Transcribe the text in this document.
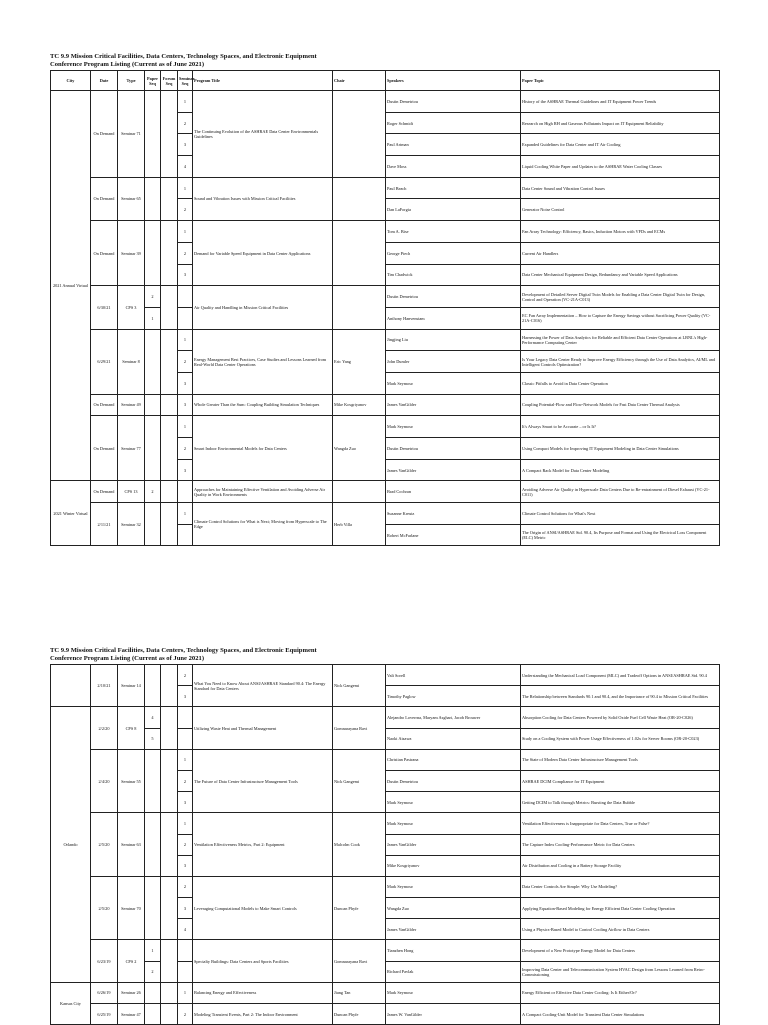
TC 9.9 Mission Critical Facilities, Data Centers, Technology Spaces, and Electronic Equipment
Conference Program Listing (Current as of June 2021)
City	Date	Type	Paper Seq	Forum Seq	Seminar Seq	Program Title	Chair	Speakers	Paper Topic
2021 Annual Virtual	On Demand	Seminar 71			1	The Continuing Evolution of the ASHRAE Data Center Environmentals Guidelines		Dustin Demetriou	History of the ASHRAE Thermal Guidelines and IT Equipment Power Trends
					2			Roger Schmidt	Research on High RH and Gaseous Pollutants Impact on IT Equipment Reliability
					3			Paul Artman	Expanded Guidelines for Data Center and IT Air Cooling
					4			Dave Moss	Liquid Cooling White Paper and Updates to the ASHRAE Water Cooling Classes
	On Demand	Seminar 65			1	Sound and Vibration Issues with Mission Critical Facilities		Paul Beach	Data Center Sound and Vibration Control Issues
					2			Dan LaForgia	Generator Noise Control
	On Demand	Seminar 39			1	Demand for Variable Speed Equipment in Data Center Applications		Tom A. Bise	Fan Array Technology: Efficiency, Basics, Induction Motors with VFDs and ECMs
					2			George Piech	Current Air Handlers
					3			Tim Chadwick	Data Center Mechanical Equipment Design, Redundancy and Variable Speed Applications
	6/30/21	CPS 3	2			Air Quality and Handling in Mission Critical Facilities		Dustin Demetriou	Development of Detailed Server Digital Twin Models for Enabling a Data Center Digital Twin for Design, Control and Operation (VC-21A-C013)
			1					Anthony Hanvenstam	EC Fan Array Implementation – How to Capture the Energy Savings without Sacrificing Power Quality (VC-21A-C016)
	6/29/21	Seminar 8			1	Energy Management Best Practices, Case Studies and Lessons Learned from Real-World Data Center Operations	Eric Yang	Jingjing Liu	Harnessing the Power of Data Analytics for Reliable and Efficient Data Center Operations at LBNL's High- Performance Computing Center
					2			John Dumler	Is Your Legacy Data Center Ready to Improve Energy Efficiency through the Use of Data Analytics, AI/ML and Intelligent Controls Optimization?
					3			Mark Seymour	Classic Pitfalls to Avoid in Data Center Operation
	On Demand	Seminar 49			3	Whole Greater Than the Sum: Coupling Building Simulation Techniques	Mike Kosgriyanov	James VanGilder	Coupling Potential-Flow and Flow-Network Models for Fast Data Center Thermal Analysis
	On Demand	Seminar 77			1	Smart Indoor Environmental Models for Data Centers	Wangda Zuo	Mark Seymour	It's Always Smart to be Accurate – or Is It?
					2			Dustin Demetriou	Using Compact Models for Improving IT Equipment Modeling in Data Center Simulations
					3			James VanGilder	A Compact Rack Model for Data Center Modeling
2021 Winter Virtual	On Demand	CPS 13	2			Approaches for Maintaining Effective Ventilation and Avoiding Adverse Air Quality in Work Environments		Brad Cochran	Avoiding Adverse Air Quality in Hyperscale Data Centers Due to Re-entrainment of Diesel Exhaust (VC-21-C011)
	2/11/21	Seminar 32			1	Climate Control Solutions for What is Next; Moving from Hyperscale to The Edge	Herb Villa	Suzanne Kreutz	Climate Control Solutions for What's Next
								Robert McFarlane	The Origin of ANSI/ASHRAE Std. 90.4, Its Purpose and Format and Using the Electrical Loss Component (ELC) Metric
TC 9.9 Mission Critical Facilities, Data Centers, Technology Spaces, and Electronic Equipment
Conference Program Listing (Current as of June 2021)
	2/10/21	Seminar 14			2	What You Need to Know About ANSI/ASHRAE Standard 90.4: The Energy Standard for Data Centers	Nick Gangemi	Vali Sorell	Understanding the Mechanical Load Component (MLC) and Tradeoff Options in ANSI/ASHRAE Std. 90.4
					3			Timothy Paglow	The Relationship between Standards 90.1 and 90.4, and the Importance of 90.4 to Mission Critical Facilities
Orlando	2/2/20	CPS 8	4			Utilizing Waste Heat and Thermal Management	Gomnarayana Ravi	Alejandro Loverrna, Maryam Asghari, Jacob Brouwer	Absorption Cooling for Data Centers Powered by Solid Oxide Fuel Cell Waste Heat (OR-20-C026)
			5					Naoki Aizawa	Study on a Cooling System with Power Usage Effectiveness of 1.02x for Server Rooms (OR-20-C023)
	2/4/20	Seminar 55			1	The Future of Data Center Infrastructure Management Tools	Nick Gangemi	Christian Pastrana	The State of Modern Data Center Infrastructure Management Tools
					2			Dustin Demetriou	ASHRAE DCIM Compliance for IT Equipment
					3			Mark Seymour	Getting DCIM to Talk through Metrics: Bursting the Data Bubble
	2/5/20	Seminar 63			1	Ventilation Effectiveness Metrics, Part 2: Equipment	Malcolm Cook	Mark Seymour	Ventilation Effectiveness is Inappropriate for Data Centers, True or False?
					2			James VanGilder	The Capture Index Cooling-Performance Metric for Data Centers
					3			Mike Kosgriyanov	Air Distribution and Cooling in a Battery Storage Facility
	2/5/20	Seminar 70			2	Leveraging Computational Models to Make Smart Controls	Duncan Phyfe	Mark Seymour	Data Center Controls Are Simple: Why Use Modeling?
					3			Wangda Zuo	Applying Equation-Based Modeling for Energy Efficient Data Center Cooling Operation
					4			James VanGilder	Using a Physics-Based Model to Control Cooling Airflow in Data Centers
	6/23/19	CPS 2	1			Specialty Buildings: Data Centers and Sports Facilities	Gomnarayana Ravi	Tianzhen Hong	Development of a New Prototype Energy Model for Data Centers
			2					Richard Pavlak	Improving Data Center and Telecommunication System HVAC Design from Lessons Learned from Retro-Commissioning
Kansas City	6/26/19	Seminar 26			1	Balancing Energy and Effectiveness	Jiang Tan	Mark Seymour	Energy Efficient or Effective Data Center Cooling: Is It Either/Or?
	6/25/19	Seminar 47			2	Modeling Transient Events, Part 2: The Indoor Environment	Duncan Phyfe	James W. VanGilder	A Compact Cooling-Unit Model for Transient Data Center Simulations
